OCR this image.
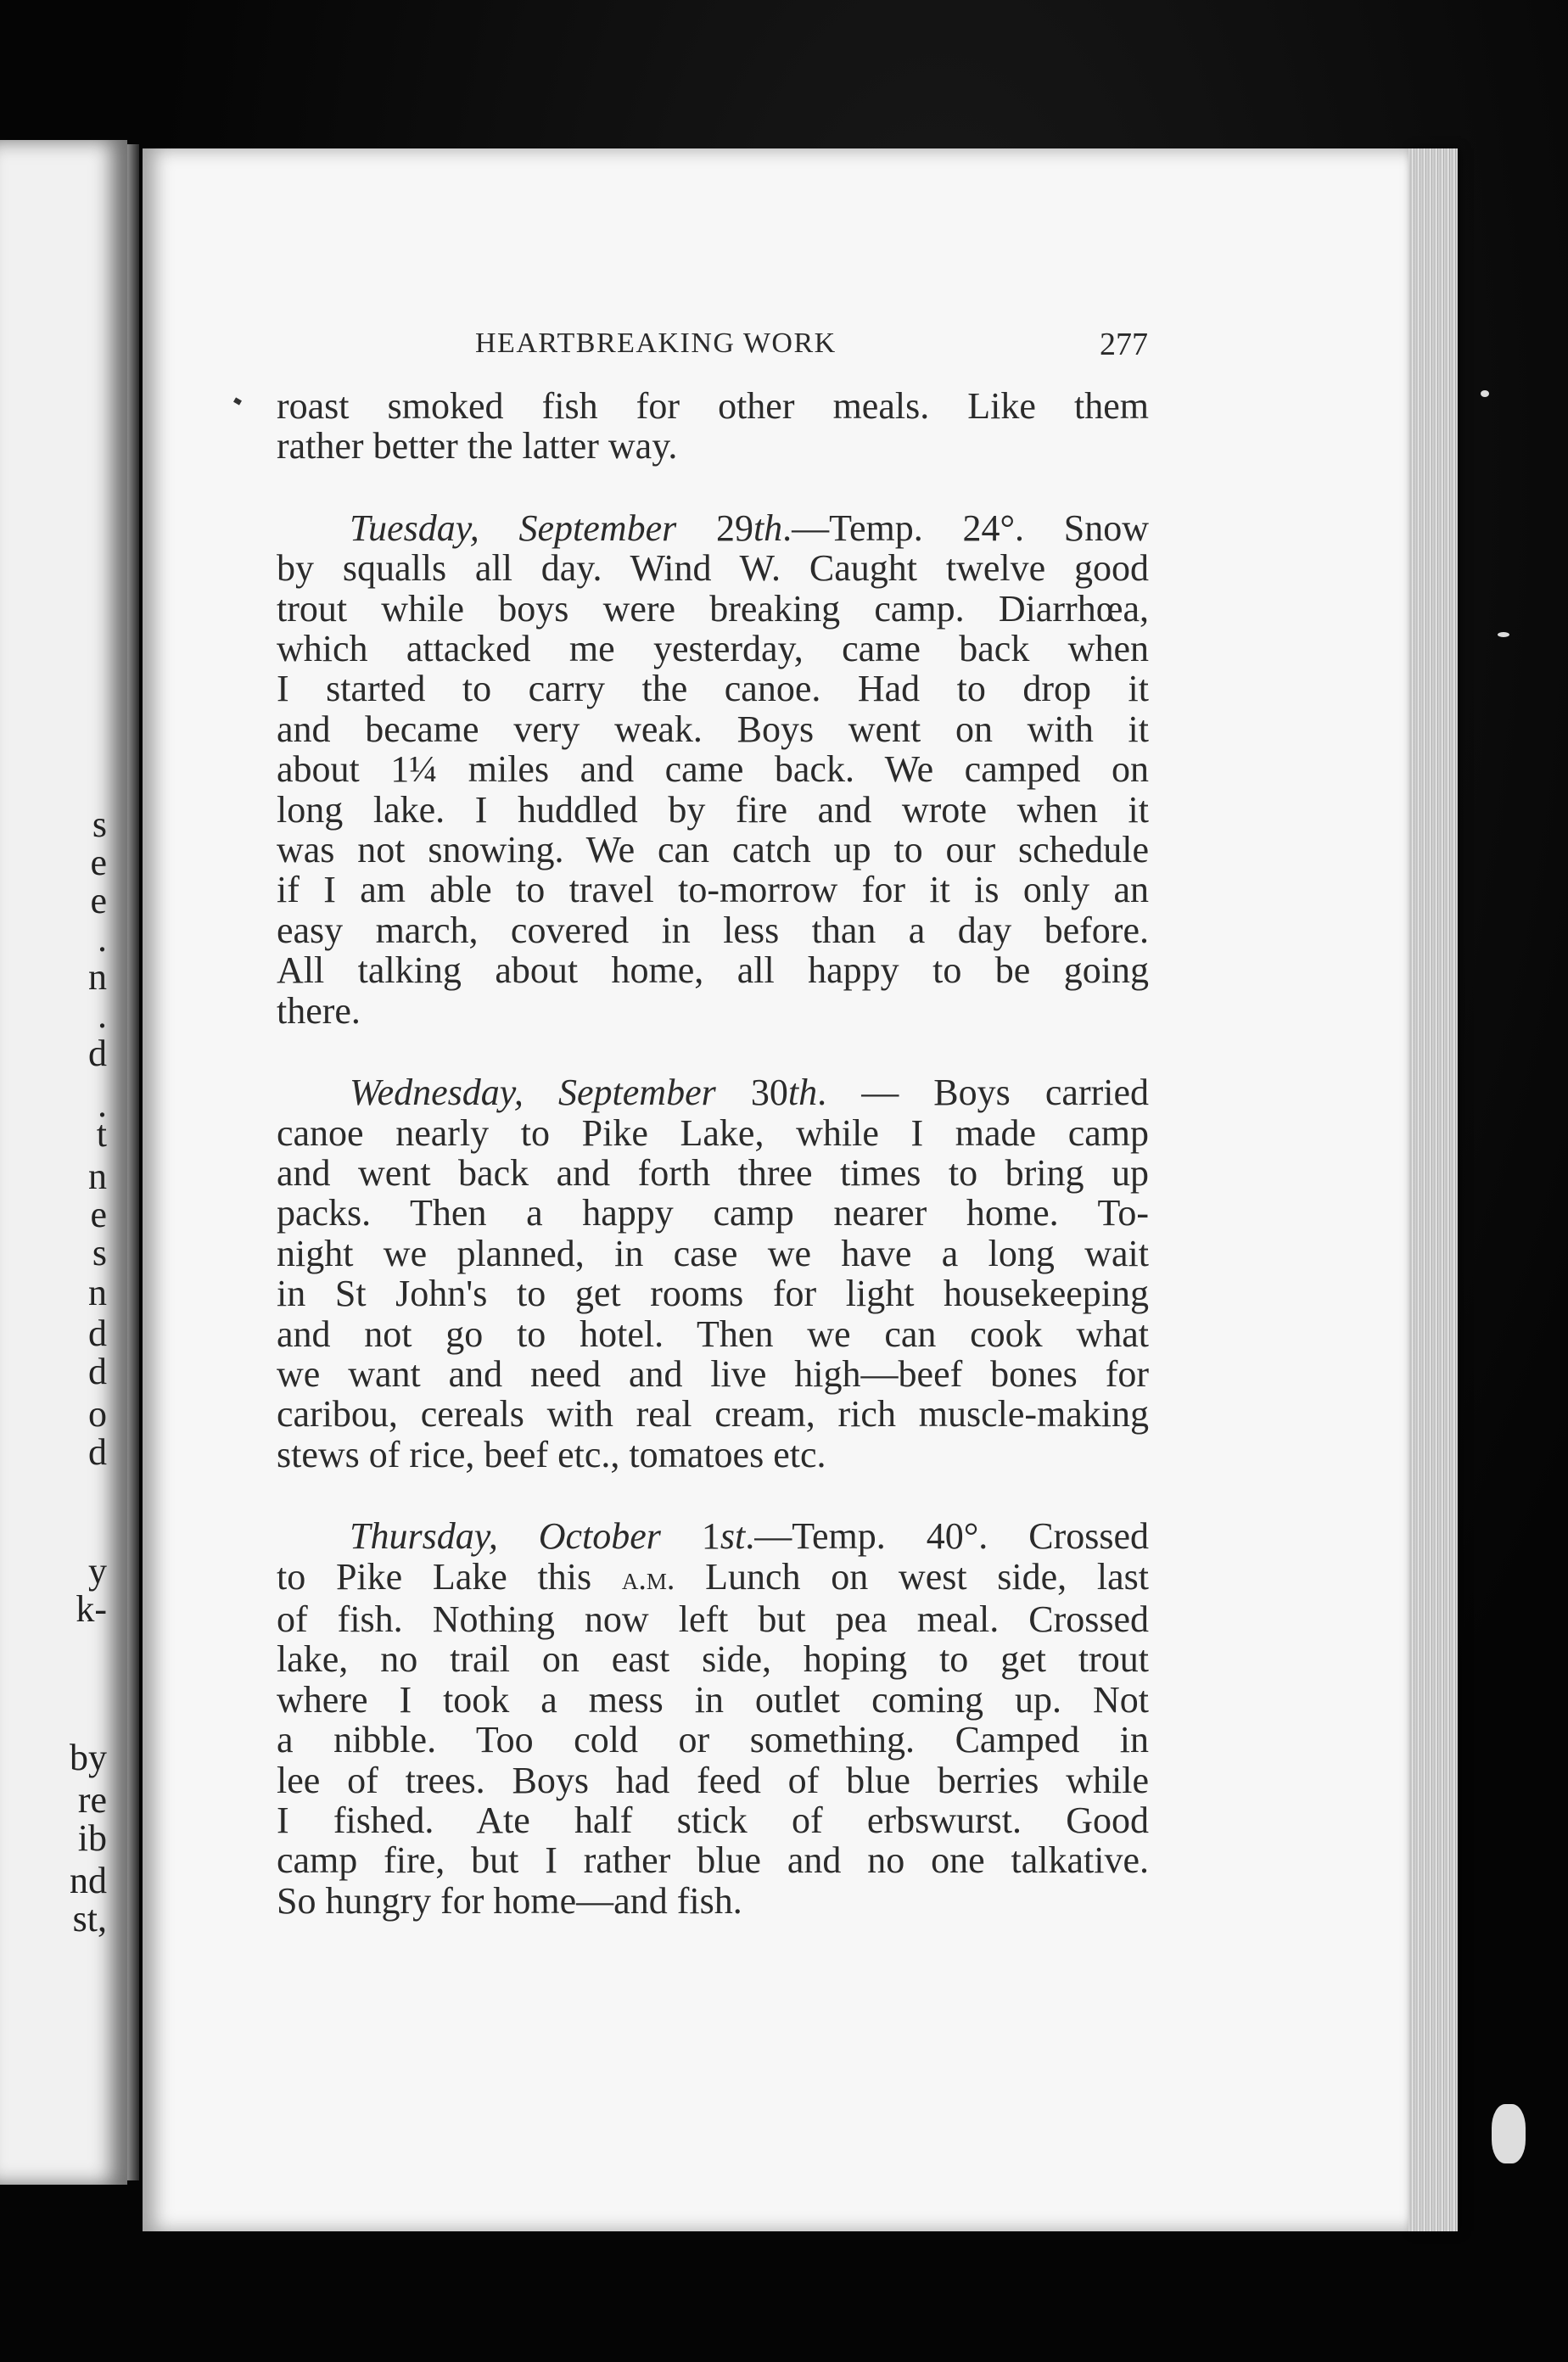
s
e
e
.
n
.
d
.
t
n
e
s
n
d
d
o
d
y
k-
by
re
ib
nd
st,
HEARTBREAKING WORK	277
roast smoked fish for other meals. Like them
rather better the latter way.
Tuesday, September 29th.—Temp. 24°. Snow
by squalls all day. Wind W. Caught twelve good
trout while boys were breaking camp. Diarrhœa,
which attacked me yesterday, came back when
I started to carry the canoe. Had to drop it
and became very weak. Boys went on with it
about 1¼ miles and came back. We camped on
long lake. I huddled by fire and wrote when it
was not snowing. We can catch up to our schedule
if I am able to travel to-morrow for it is only an
easy march, covered in less than a day before.
All talking about home, all happy to be going
there.
Wednesday, September 30th. — Boys carried
canoe nearly to Pike Lake, while I made camp
and went back and forth three times to bring up
packs. Then a happy camp nearer home. To-
night we planned, in case we have a long wait
in St John's to get rooms for light housekeeping
and not go to hotel. Then we can cook what
we want and need and live high—beef bones for
caribou, cereals with real cream, rich muscle-making
stews of rice, beef etc., tomatoes etc.
Thursday, October 1st.—Temp. 40°. Crossed
to Pike Lake this a.m. Lunch on west side, last
of fish. Nothing now left but pea meal. Crossed
lake, no trail on east side, hoping to get trout
where I took a mess in outlet coming up. Not
a nibble. Too cold or something. Camped in
lee of trees. Boys had feed of blue berries while
I fished. Ate half stick of erbswurst. Good
camp fire, but I rather blue and no one talkative.
So hungry for home—and fish.
